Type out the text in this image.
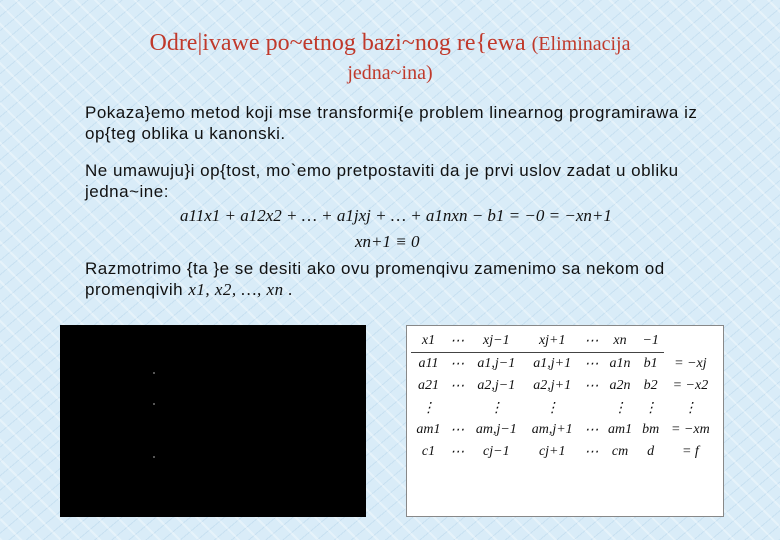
Odre|ivawe po~etnog bazi~nog re{ewa (Eliminacija
jedna~ina)
Pokaza}emo metod koji mse transformi{e problem linearnog programirawa iz op{teg oblika u kanonski.
Ne umawuju}i op{tost, mo`emo pretpostaviti da je prvi uslov zadat u obliku jedna~ine:
a11x1 + a12x2 + … + a1jxj + … + a1nxn − b1 = −0 = −xn+1
xn+1 ≡ 0
Razmotrimo {ta }e se desiti ako ovu promenqivu zamenimo sa nekom od promenqivih x1, x2, …, xn .
x1	⋯	xj−1	xj+1	⋯	xn	−1	
a11	⋯	a1,j−1	a1,j+1	⋯	a1n	b1	= −xj
a21	⋯	a2,j−1	a2,j+1	⋯	a2n	b2	= −x2
⋮		⋮	⋮		⋮	⋮	⋮
am1	⋯	am,j−1	am,j+1	⋯	am1	bm	= −xm
c1	⋯	cj−1	cj+1	⋯	cm	d	= f
